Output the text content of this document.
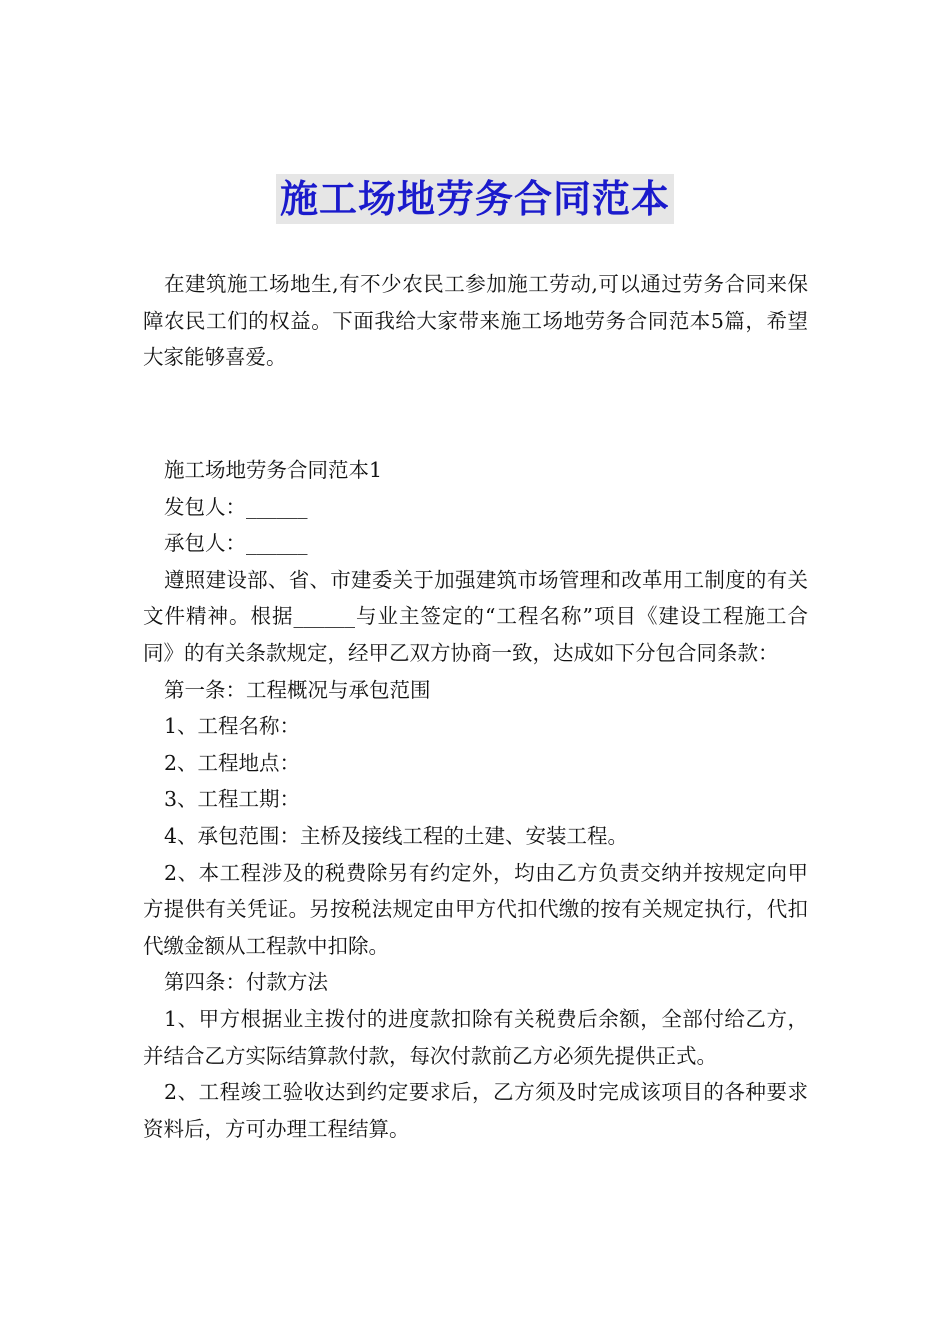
施工场地劳务合同范本

在建筑施工场地生,有不少农民工参加施工劳动,可以通过劳务合同来保障农民工们的权益。下面我给大家带来施工场地劳务合同范本5篇，希望大家能够喜爱。

施工场地劳务合同范本1

发包人：______

承包人：______

遵照建设部、省、市建委关于加强建筑市场管理和改革用工制度的有关文件精神。根据______与业主签定的“工程名称”项目《建设工程施工合同》的有关条款规定，经甲乙双方协商一致，达成如下分包合同条款：

第一条：工程概况与承包范围

1、工程名称：

2、工程地点：

3、工程工期：

4、承包范围：主桥及接线工程的土建、安装工程。

2、本工程涉及的税费除另有约定外，均由乙方负责交纳并按规定向甲方提供有关凭证。另按税法规定由甲方代扣代缴的按有关规定执行，代扣代缴金额从工程款中扣除。

第四条：付款方法

1、甲方根据业主拨付的进度款扣除有关税费后余额，全部付给乙方，并结合乙方实际结算款付款，每次付款前乙方必须先提供正式。

2、工程竣工验收达到约定要求后，乙方须及时完成该项目的各种要求资料后，方可办理工程结算。
